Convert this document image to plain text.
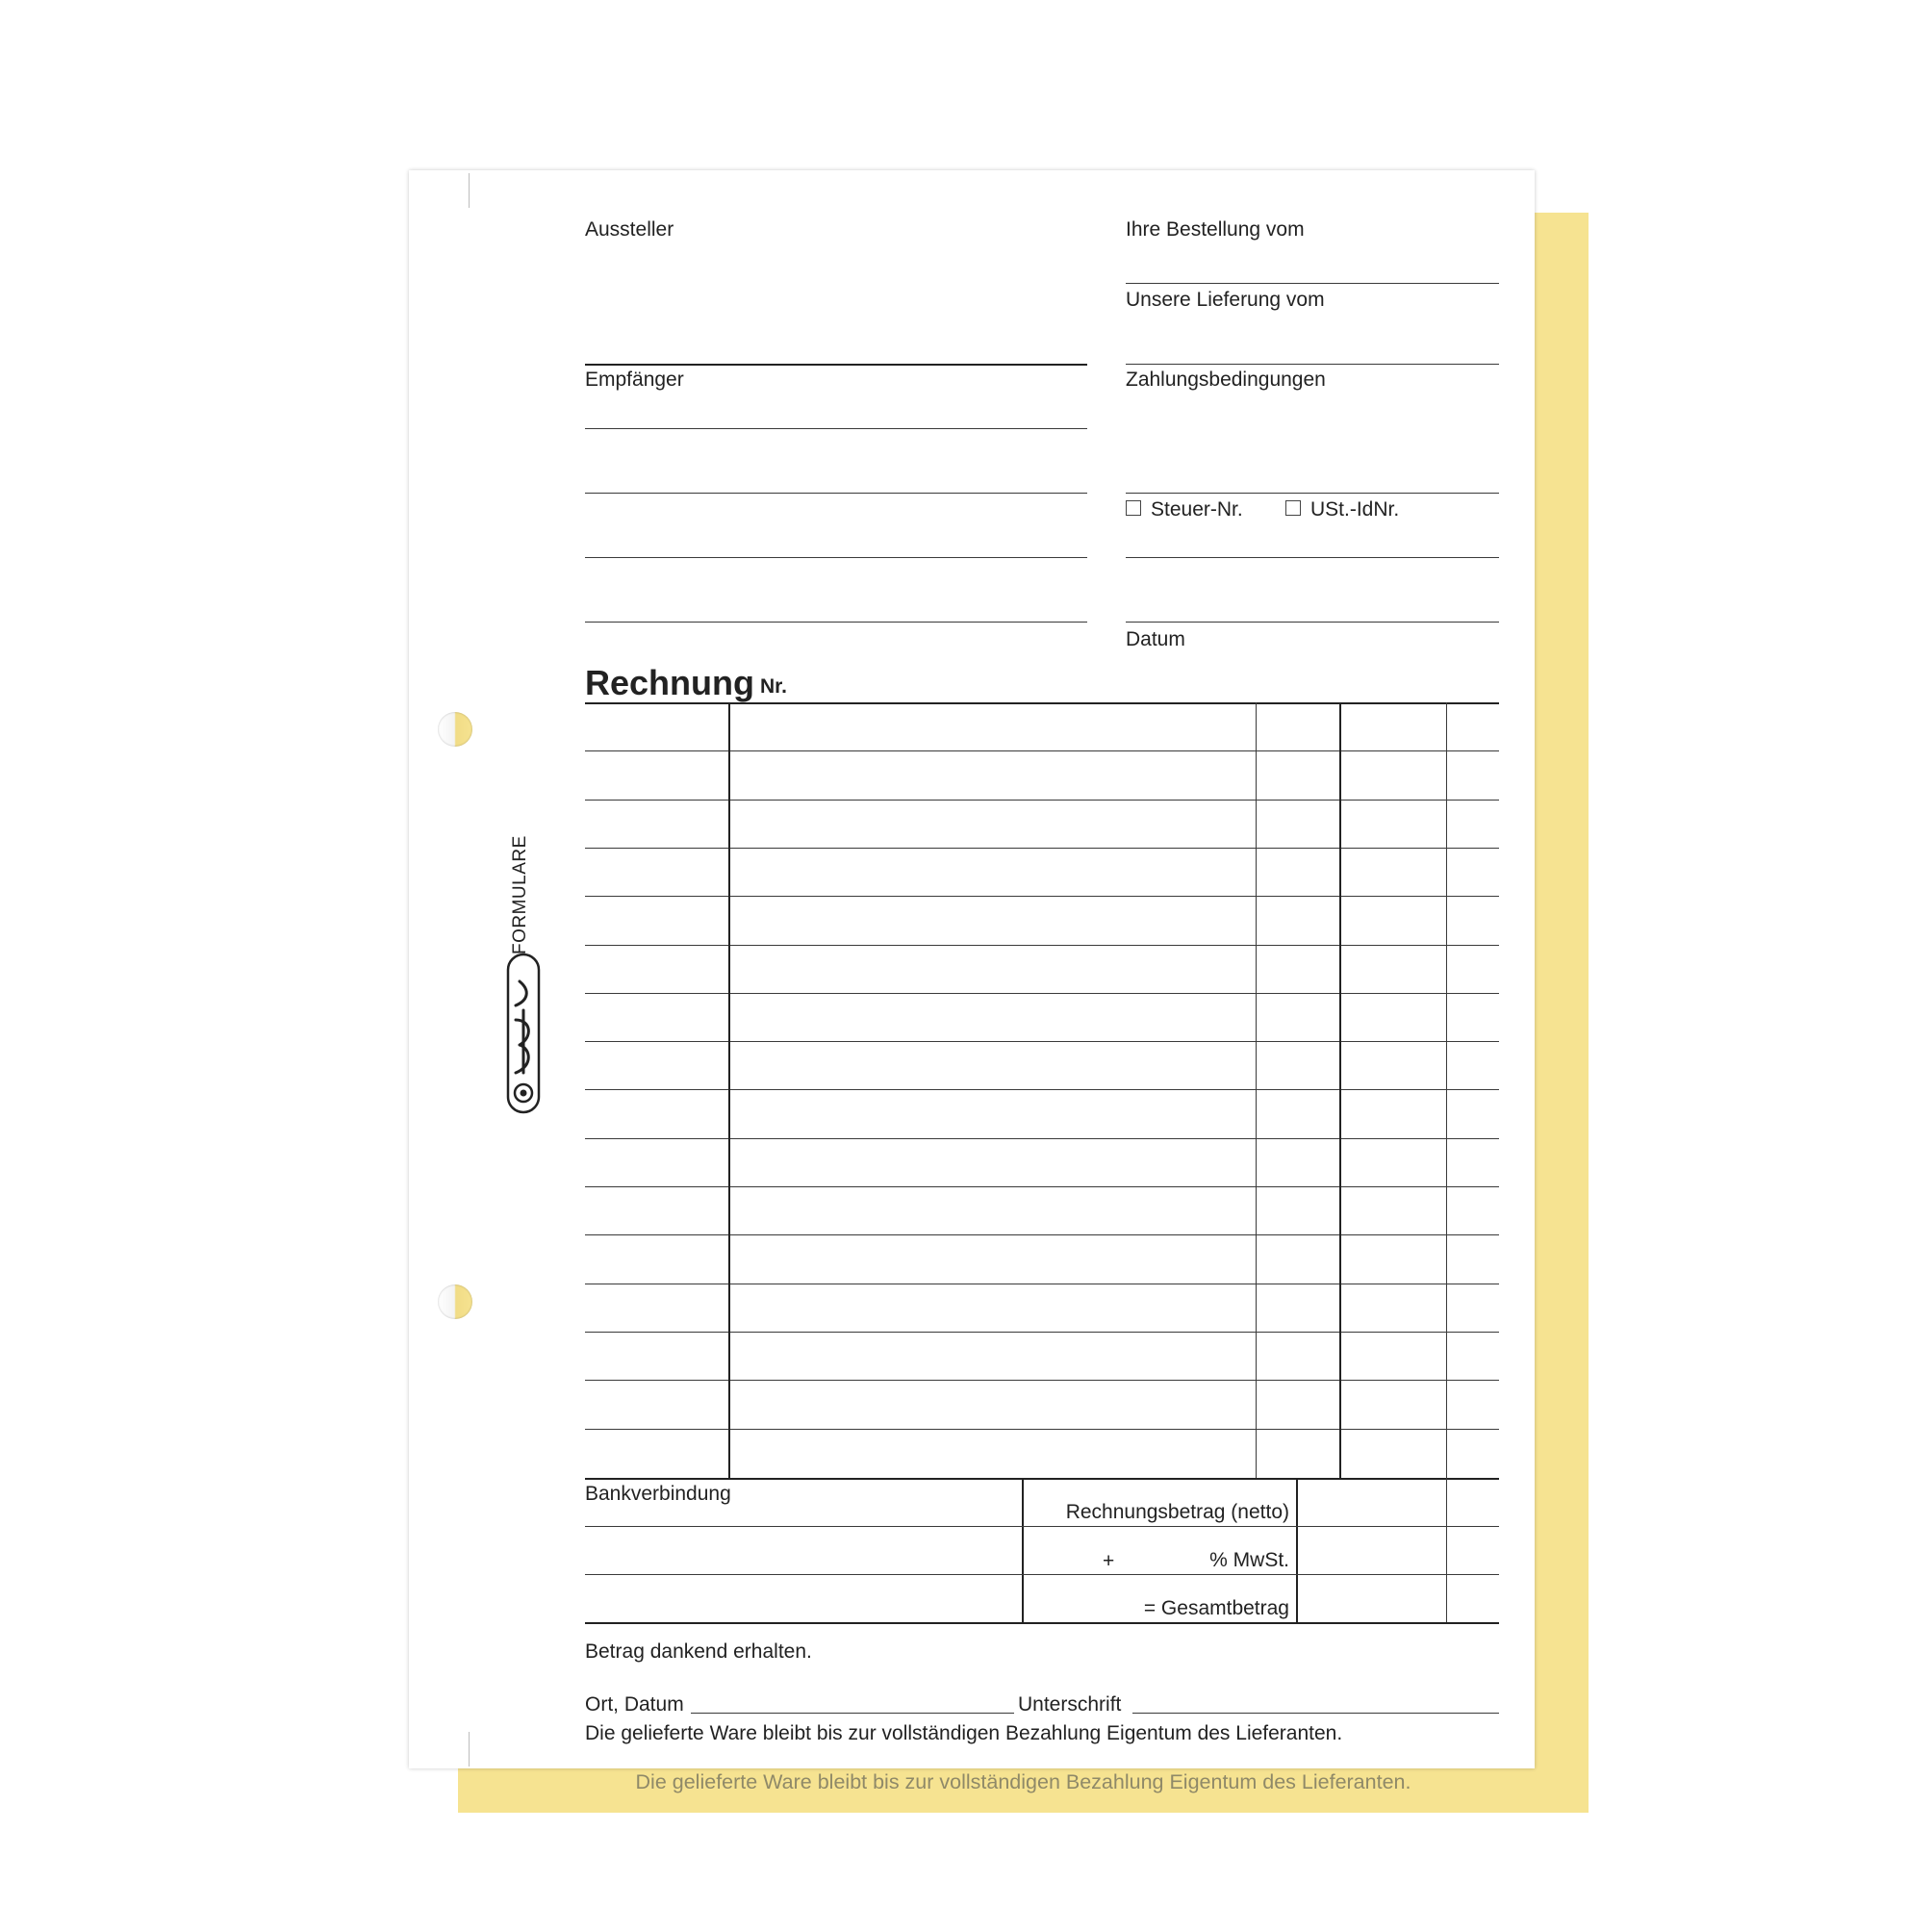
Die gelieferte Ware bleibt bis zur vollständigen Bezahlung Eigentum des Lieferanten.
FORMULARE
Aussteller
Empfänger
Ihre Bestellung vom
Unsere Lieferung vom
Zahlungsbedingungen
Steuer-Nr.	USt.-IdNr.
Datum
Rechnung Nr.
Bankverbindung
Rechnungsbetrag (netto)
+	% MwSt.
= Gesamtbetrag
Betrag dankend erhalten.
Ort, Datum	Unterschrift
Die gelieferte Ware bleibt bis zur vollständigen Bezahlung Eigentum des Lieferanten.
